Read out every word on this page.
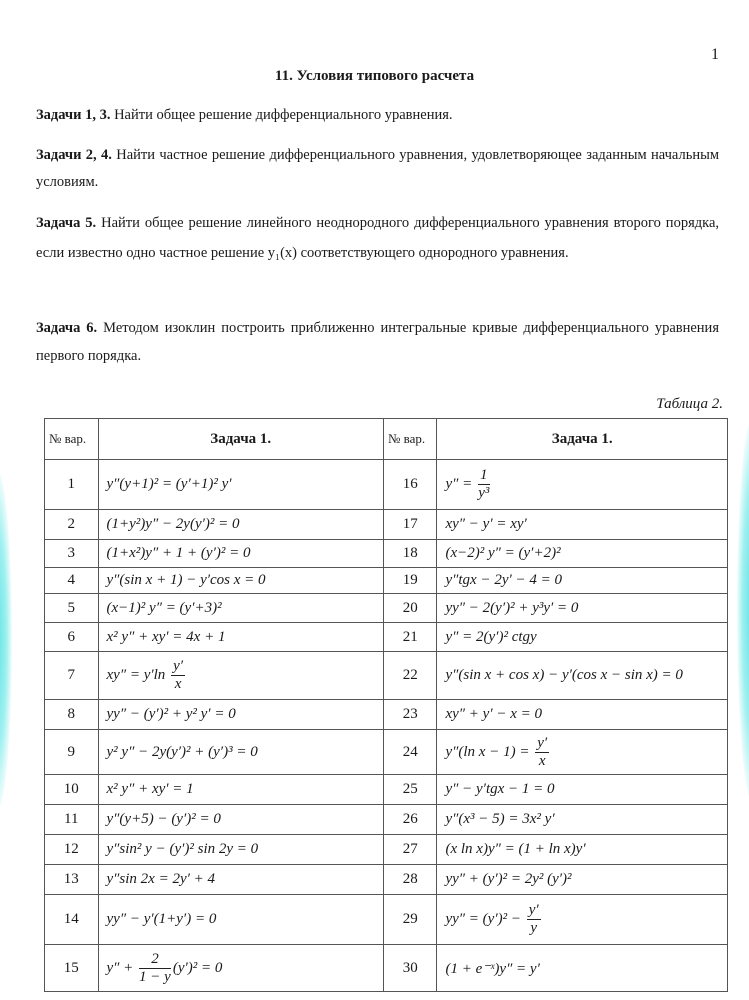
1
11. Условия типового расчета
Задачи 1, 3. Найти общее решение дифференциального уравнения.
Задачи 2, 4. Найти частное решение дифференциального уравнения, удовлетворяющее заданным начальным условиям.
Задача 5. Найти общее решение линейного неоднородного дифференциального уравнения второго порядка, если известно одно частное решение y₁(x) соответствующего однородного уравнения.
Задача 6. Методом изоклин построить приближенно интегральные кривые дифференциального уравнения первого порядка.
Таблица 2.
№ вар.	Задача 1.	№ вар.	Задача 1.
1	y″(y+1)² = (y′+1)² y′	16	$y'' = \frac{1}{\text{y³}}$

2	(1+y²)y″ − 2y(y′)² = 0	17	xy″ − y′ = xy′
3	(1+x²)y″ + 1 + (y′)² = 0	18	(x−2)² y″ = (y′+2)²
4	y″(sin x + 1) − y′cos x = 0	19	y″tgx − 2y′ − 4 = 0
5	(x−1)² y″ = (y′+3)²	20	yy″ − 2(y′)² + y³y′ = 0
6	x² y″ + xy′ = 4x + 1	21	y″ = 2(y′)² ctgy
7	$xy'' = y'\ln \frac{y'}{x}$	22	y″(sin x + cos x) − y′(cos x − sin x) = 0
8	yy″ − (y′)² + y² y′ = 0	23	xy″ + y′ − x = 0
9	y² y″ − 2y(y′)² + (y′)³ = 0	24	y″(ln $x - 1) = \frac{y'}{x}$

10	x² y″ + xy′ = 1	25	y″ − y′tgx − 1 = 0
11	y″(y+5) − (y′)² = 0	26	y″(x³ − 5) = 3x² y′
12	y″sin² y − (y′)² sin 2y = 0	27	(x ln x)y″ = (1 + ln x)y′
13	y″sin 2x = 2y′ + 4	28	yy″ + (y′)² = 2y² (y′)²
14	yy″ − y′(1+y′) = 0	29	$yy'' = (y')^2 - \frac{y'}{y}$

15	$y'' + \frac{2}{1 - y} (y')^2 = 0$	30	(1 + e⁻ˣ)y″ = y′
